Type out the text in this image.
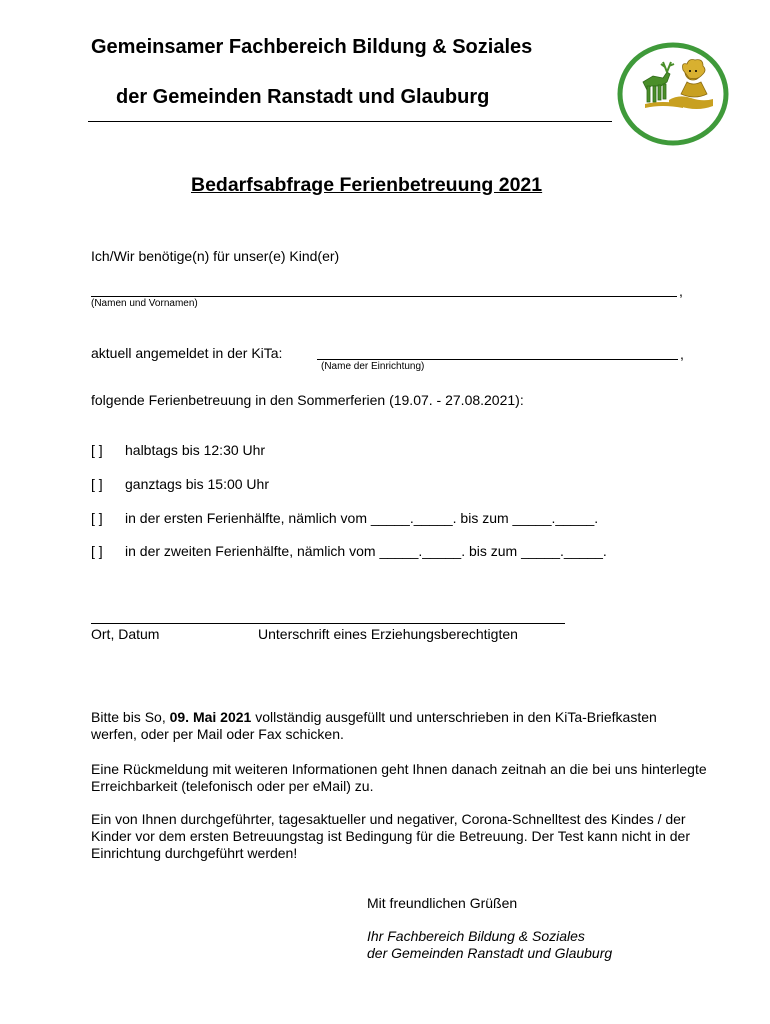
Gemeinsamer Fachbereich Bildung & Soziales
der Gemeinden Ranstadt und Glauburg
Bedarfsabfrage Ferienbetreuung 2021
Ich/Wir benötige(n) für unser(e) Kind(er)
,
(Namen und Vornamen)
aktuell angemeldet in der KiTa:	,
(Name der Einrichtung)
folgende Ferienbetreuung in den Sommerferien (19.07. - 27.08.2021):
[ ] halbtags bis 12:30 Uhr
[ ] ganztags bis 15:00 Uhr
[ ] in der ersten Ferienhälfte, nämlich vom _____._____. bis zum _____._____.
[ ] in der zweiten Ferienhälfte, nämlich vom _____._____. bis zum _____._____.
Ort, Datum	Unterschrift eines Erziehungsberechtigten
Bitte bis So, 09. Mai 2021 vollständig ausgefüllt und unterschrieben in den KiTa-Briefkasten werfen, oder per Mail oder Fax schicken.
Eine Rückmeldung mit weiteren Informationen geht Ihnen danach zeitnah an die bei uns hinterlegte Erreichbarkeit (telefonisch oder per eMail) zu.
Ein von Ihnen durchgeführter, tagesaktueller und negativer, Corona-Schnelltest des Kindes / der Kinder vor dem ersten Betreuungstag ist Bedingung für die Betreuung. Der Test kann nicht in der Einrichtung durchgeführt werden!
Mit freundlichen Grüßen
Ihr Fachbereich Bildung & Soziales
der Gemeinden Ranstadt und Glauburg
